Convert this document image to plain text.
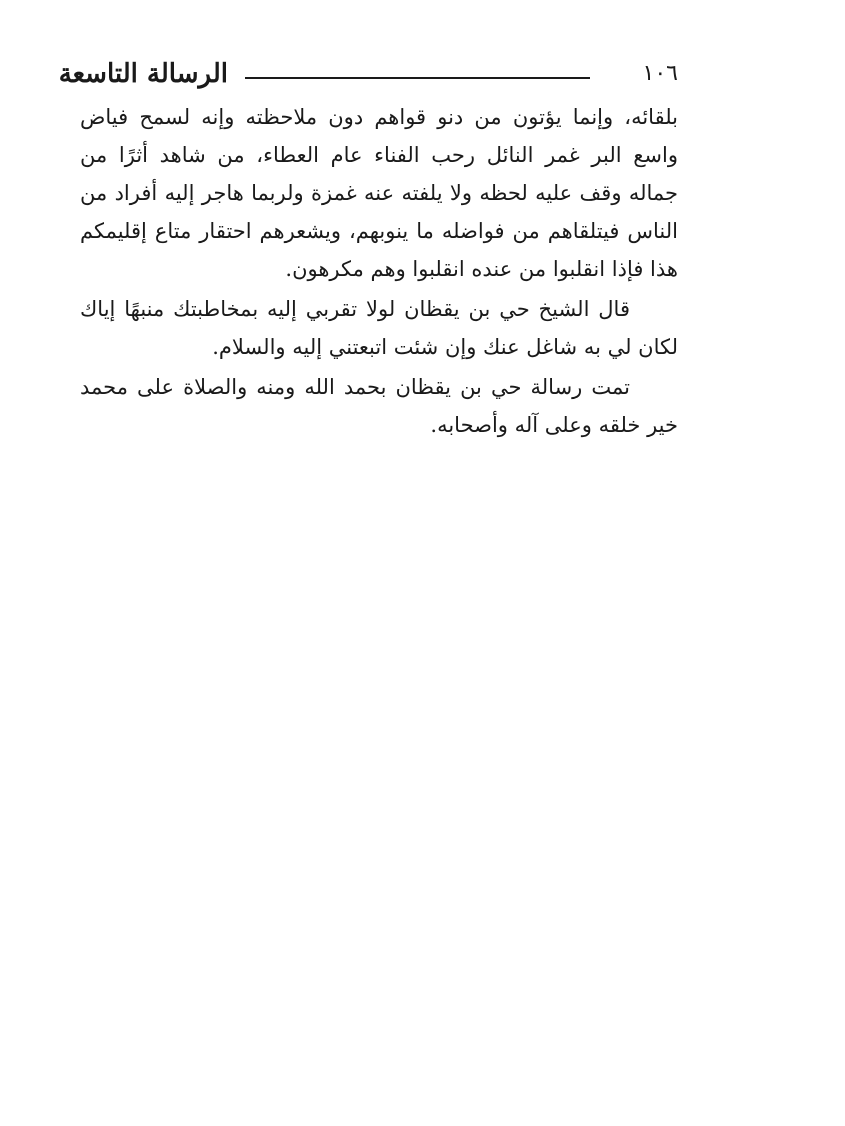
الرسالة التاسعة	١٠٦

بلقائه، وإنما يؤتون من دنو قواهم دون ملاحظته وإنه لسمح فياض واسع البر غمر النائل رحب الفناء عام العطاء، من شاهد أثرًا من جماله وقف عليه لحظه ولا يلفته عنه غمزة ولربما هاجر إليه أفراد من الناس فيتلقاهم من فواضله ما ينوبهم، ويشعرهم احتقار متاع إقليمكم هذا فإذا انقلبوا من عنده انقلبوا وهم مكرهون.

قال الشيخ حي بن يقظان لولا تقربي إليه بمخاطبتك منبهًا إياك لكان لي به شاغل عنك وإن شئت اتبعتني إليه والسلام.

تمت رسالة حي بن يقظان بحمد الله ومنه والصلاة على محمد خير خلقه وعلى آله وأصحابه.
